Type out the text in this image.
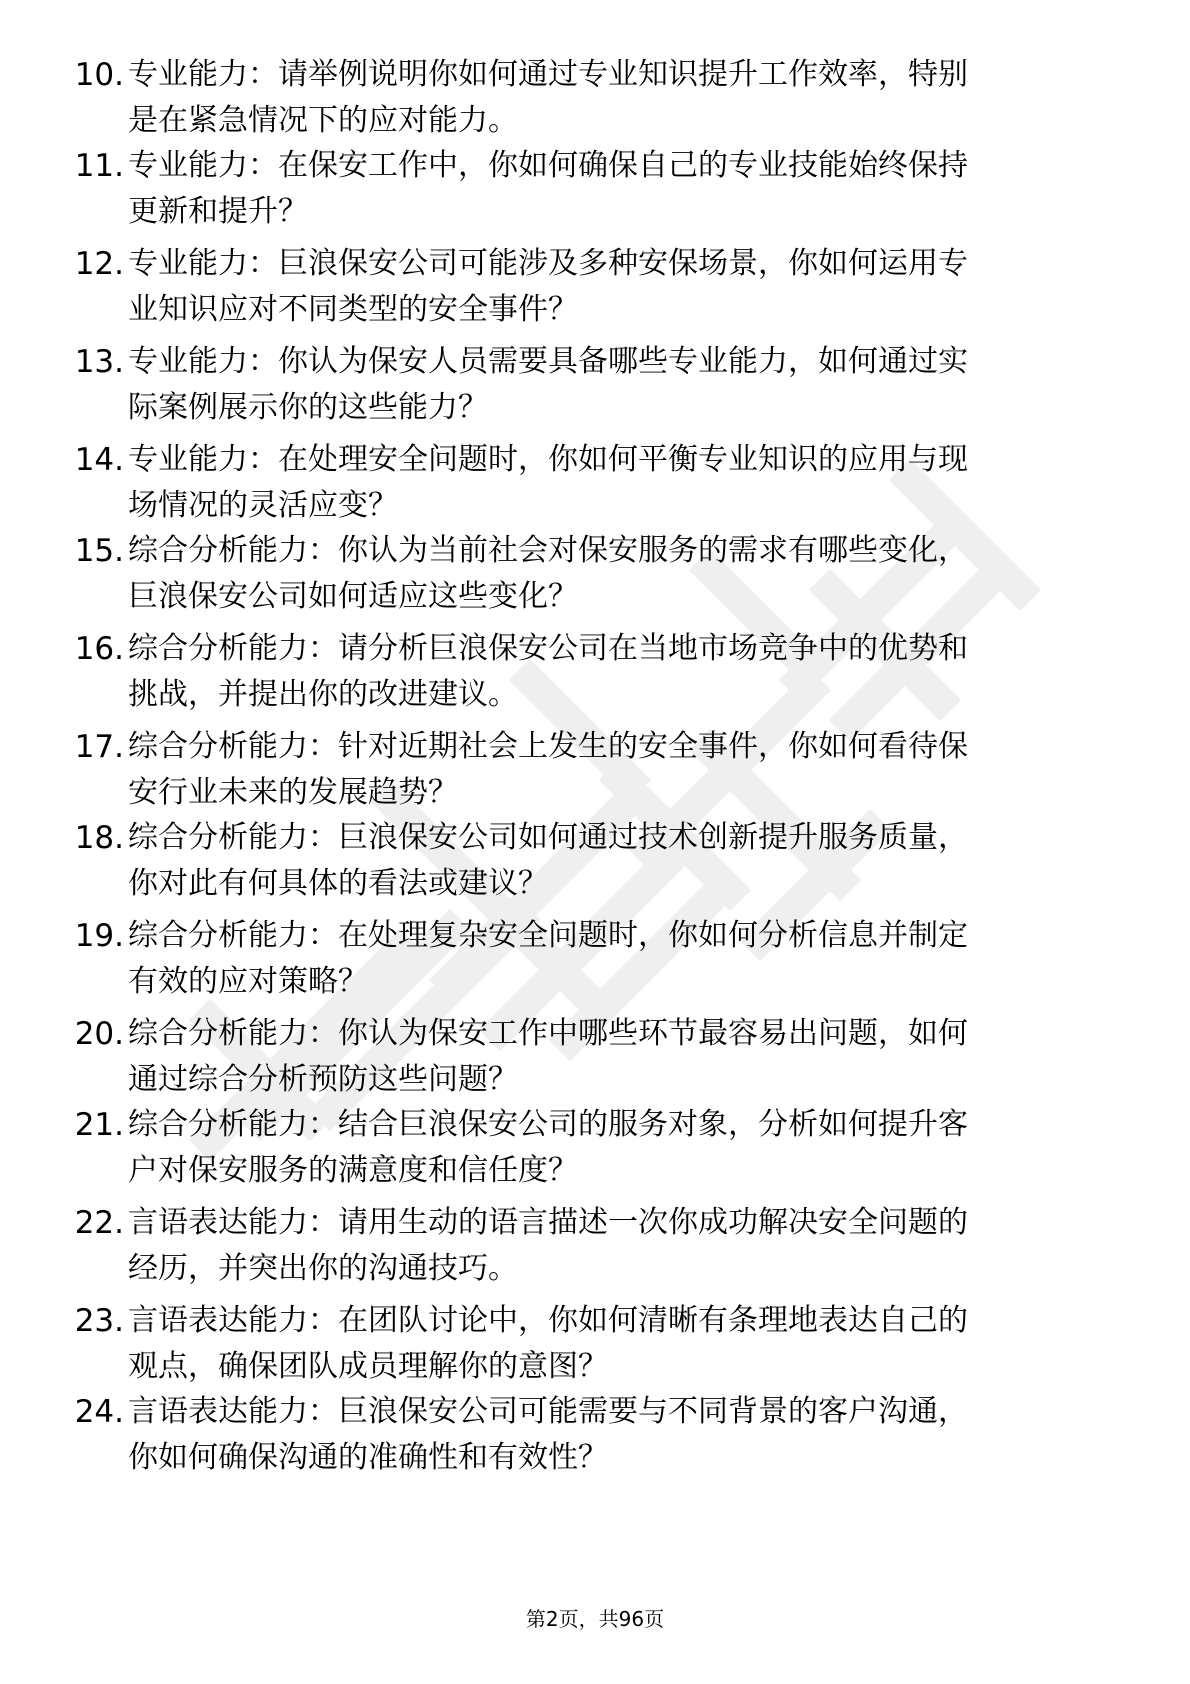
10. 专业能力：请举例说明你如何通过专业知识提升工作效率，特别
是在紧急情况下的应对能力。
11. 专业能力：在保安工作中，你如何确保自己的专业技能始终保持
更新和提升？
12. 专业能力：巨浪保安公司可能涉及多种安保场景，你如何运用专
业知识应对不同类型的安全事件？
13. 专业能力：你认为保安人员需要具备哪些专业能力，如何通过实
际案例展示你的这些能力？
14. 专业能力：在处理安全问题时，你如何平衡专业知识的应用与现
场情况的灵活应变？
15. 综合分析能力：你认为当前社会对保安服务的需求有哪些变化，
巨浪保安公司如何适应这些变化？
16. 综合分析能力：请分析巨浪保安公司在当地市场竞争中的优势和
挑战，并提出你的改进建议。
17. 综合分析能力：针对近期社会上发生的安全事件，你如何看待保
安行业未来的发展趋势？
18. 综合分析能力：巨浪保安公司如何通过技术创新提升服务质量，
你对此有何具体的看法或建议？
19. 综合分析能力：在处理复杂安全问题时，你如何分析信息并制定
有效的应对策略？
20. 综合分析能力：你认为保安工作中哪些环节最容易出问题，如何
通过综合分析预防这些问题？
21. 综合分析能力：结合巨浪保安公司的服务对象，分析如何提升客
户对保安服务的满意度和信任度？
22. 言语表达能力：请用生动的语言描述一次你成功解决安全问题的
经历，并突出你的沟通技巧。
23. 言语表达能力：在团队讨论中，你如何清晰有条理地表达自己的
观点，确保团队成员理解你的意图？
24. 言语表达能力：巨浪保安公司可能需要与不同背景的客户沟通，
你如何确保沟通的准确性和有效性？
第2页，共96页
